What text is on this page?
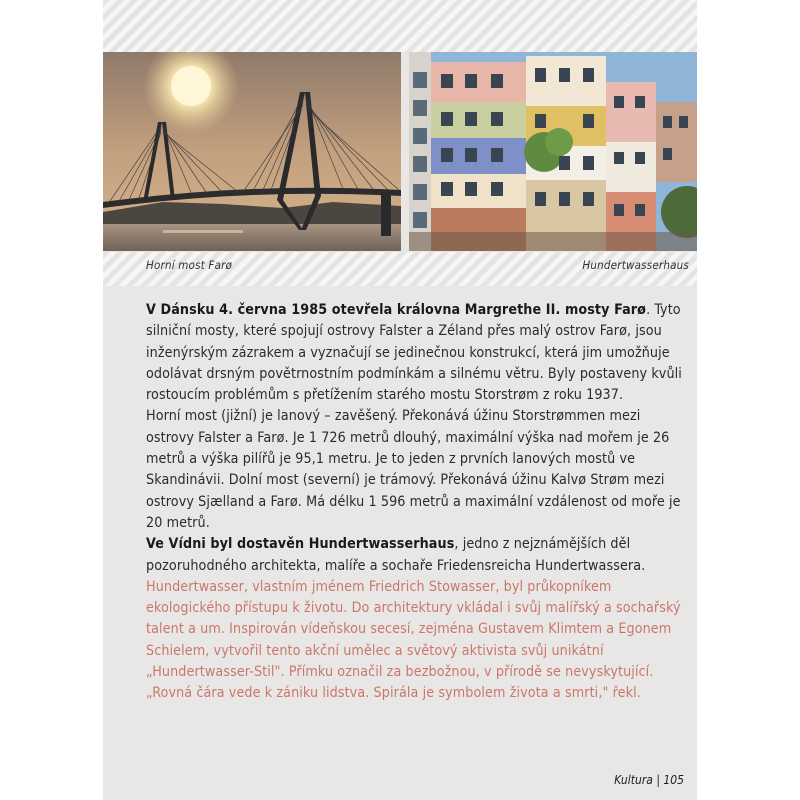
Horní most Farø	Hundertwasserhaus

V Dánsku 4. června 1985 otevřela královna Margrethe II. mosty Farø. Tyto silniční mosty, které spojují ostrovy Falster a Zéland přes malý ostrov Farø, jsou inženýrským zázrakem a vyznačují se jedinečnou konstrukcí, která jim umožňuje odolávat drsným povětrnostním podmínkám a silnému větru. Byly postaveny kvůli rostoucím problémům s přetížením starého mostu Storstrøm z roku 1937.

Horní most (jižní) je lanový – zavěšený. Překonává úžinu Storstrømmen mezi ostrovy Falster a Farø. Je 1 726 metrů dlouhý, maximální výška nad mořem je 26 metrů a výška pilířů je 95,1 metru. Je to jeden z prvních lanových mostů ve Skandinávii. Dolní most (severní) je trámový. Překonává úžinu Kalvø Strøm mezi ostrovy Sjælland a Farø. Má délku 1 596 metrů a maximální vzdálenost od moře je 20 metrů.

Ve Vídni byl dostavěn Hundertwasserhaus, jedno z nejznámějších děl pozoruhodného architekta, malíře a sochaře Friedensreicha Hundertwassera.

Hundertwasser, vlastním jménem Friedrich Stowasser, byl průkopníkem ekologického přístupu k životu. Do architektury vkládal i svůj malířský a sochařský talent a um. Inspirován vídeňskou secesí, zejména Gustavem Klimtem a Egonem Schielem, vytvořil tento akční umělec a světový aktivista svůj unikátní „Hundertwasser-Stil". Přímku označil za bezbožnou, v přírodě se nevyskytující. „Rovná čára vede k zániku lidstva. Spirála je symbolem života a smrti," řekl.

Kultura | 105
